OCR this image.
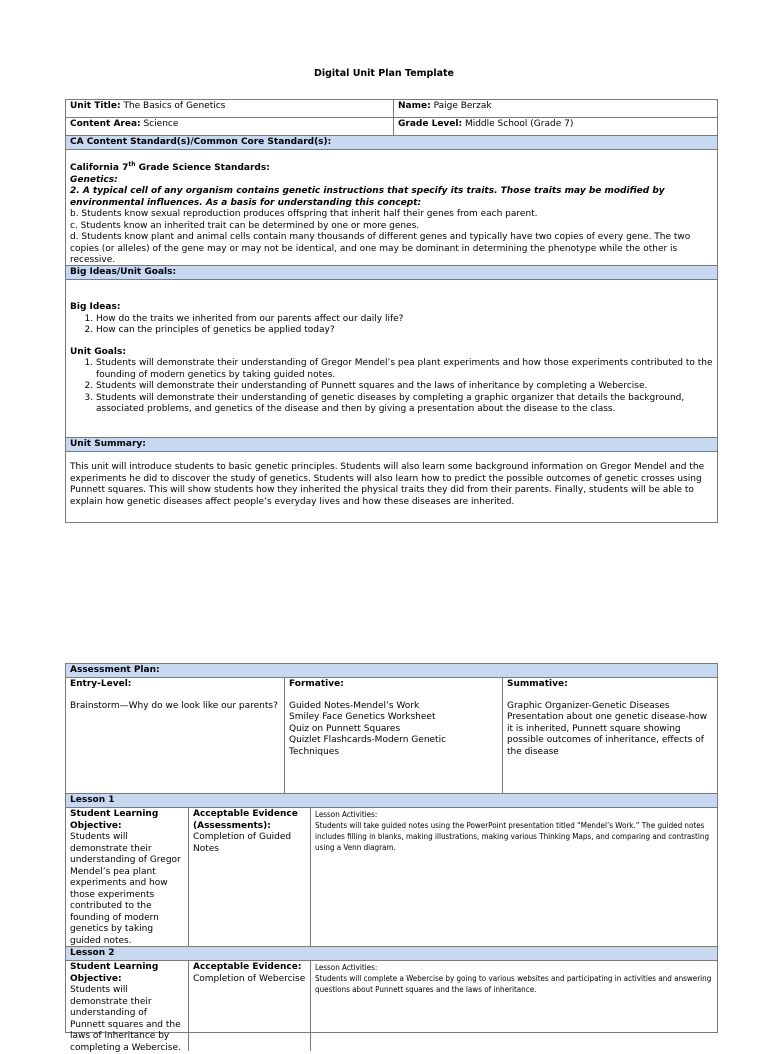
Digital Unit Plan Template
Unit Title: The Basics of Genetics	Name: Paige Berzak
Content Area: Science	Grade Level: Middle School (Grade 7)
CA Content Standard(s)/Common Core Standard(s):
California 7th Grade Science Standards:
Genetics:
2. A typical cell of any organism contains genetic instructions that specify its traits. Those traits may be modified by environmental influences. As a basis for understanding this concept:
b. Students know sexual reproduction produces offspring that inherit half their genes from each parent.
c. Students know an inherited trait can be determined by one or more genes.
d. Students know plant and animal cells contain many thousands of different genes and typically have two copies of every gene. The two copies (or alleles) of the gene may or may not be identical, and one may be dominant in determining the phenotype while the other is recessive.
Big Ideas/Unit Goals:
Big Ideas:
1. How do the traits we inherited from our parents affect our daily life?
2. How can the principles of genetics be applied today?
Unit Goals:
1. Students will demonstrate their understanding of Gregor Mendel’s pea plant experiments and how those experiments contributed to the founding of modern genetics by taking guided notes.
2. Students will demonstrate their understanding of Punnett squares and the laws of inheritance by completing a Webercise.
3. Students will demonstrate their understanding of genetic diseases by completing a graphic organizer that details the background, associated problems, and genetics of the disease and then by giving a presentation about the disease to the class.
Unit Summary:
This unit will introduce students to basic genetic principles. Students will also learn some background information on Gregor Mendel and the experiments he did to discover the study of genetics. Students will also learn how to predict the possible outcomes of genetic crosses using Punnett squares. This will show students how they inherited the physical traits they did from their parents. Finally, students will be able to explain how genetic diseases affect people’s everyday lives and how these diseases are inherited.
Assessment Plan:
Entry-Level:
Brainstorm—Why do we look like our parents?
Formative:
Guided Notes-Mendel’s Work
Smiley Face Genetics Worksheet
Quiz on Punnett Squares
Quizlet Flashcards-Modern Genetic Techniques
Summative:
Graphic Organizer-Genetic Diseases Presentation about one genetic disease-how it is inherited, Punnett square showing possible outcomes of inheritance, effects of the disease
Lesson 1
Student Learning Objective:
Students will demonstrate their understanding of Gregor Mendel’s pea plant experiments and how those experiments contributed to the founding of modern genetics by taking guided notes.
Acceptable Evidence (Assessments):
Completion of Guided Notes
Lesson Activities:
Students will take guided notes using the PowerPoint presentation titled “Mendel’s Work.” The guided notes includes filling in blanks, making illustrations, making various Thinking Maps, and comparing and contrasting using a Venn diagram.
Lesson 2
Student Learning Objective:
Students will demonstrate their understanding of Punnett squares and the laws of inheritance by completing a Webercise.
Acceptable Evidence:
Completion of Webercise
Lesson Activities:
Students will complete a Webercise by going to various websites and participating in activities and answering questions about Punnett squares and the laws of inheritance.
